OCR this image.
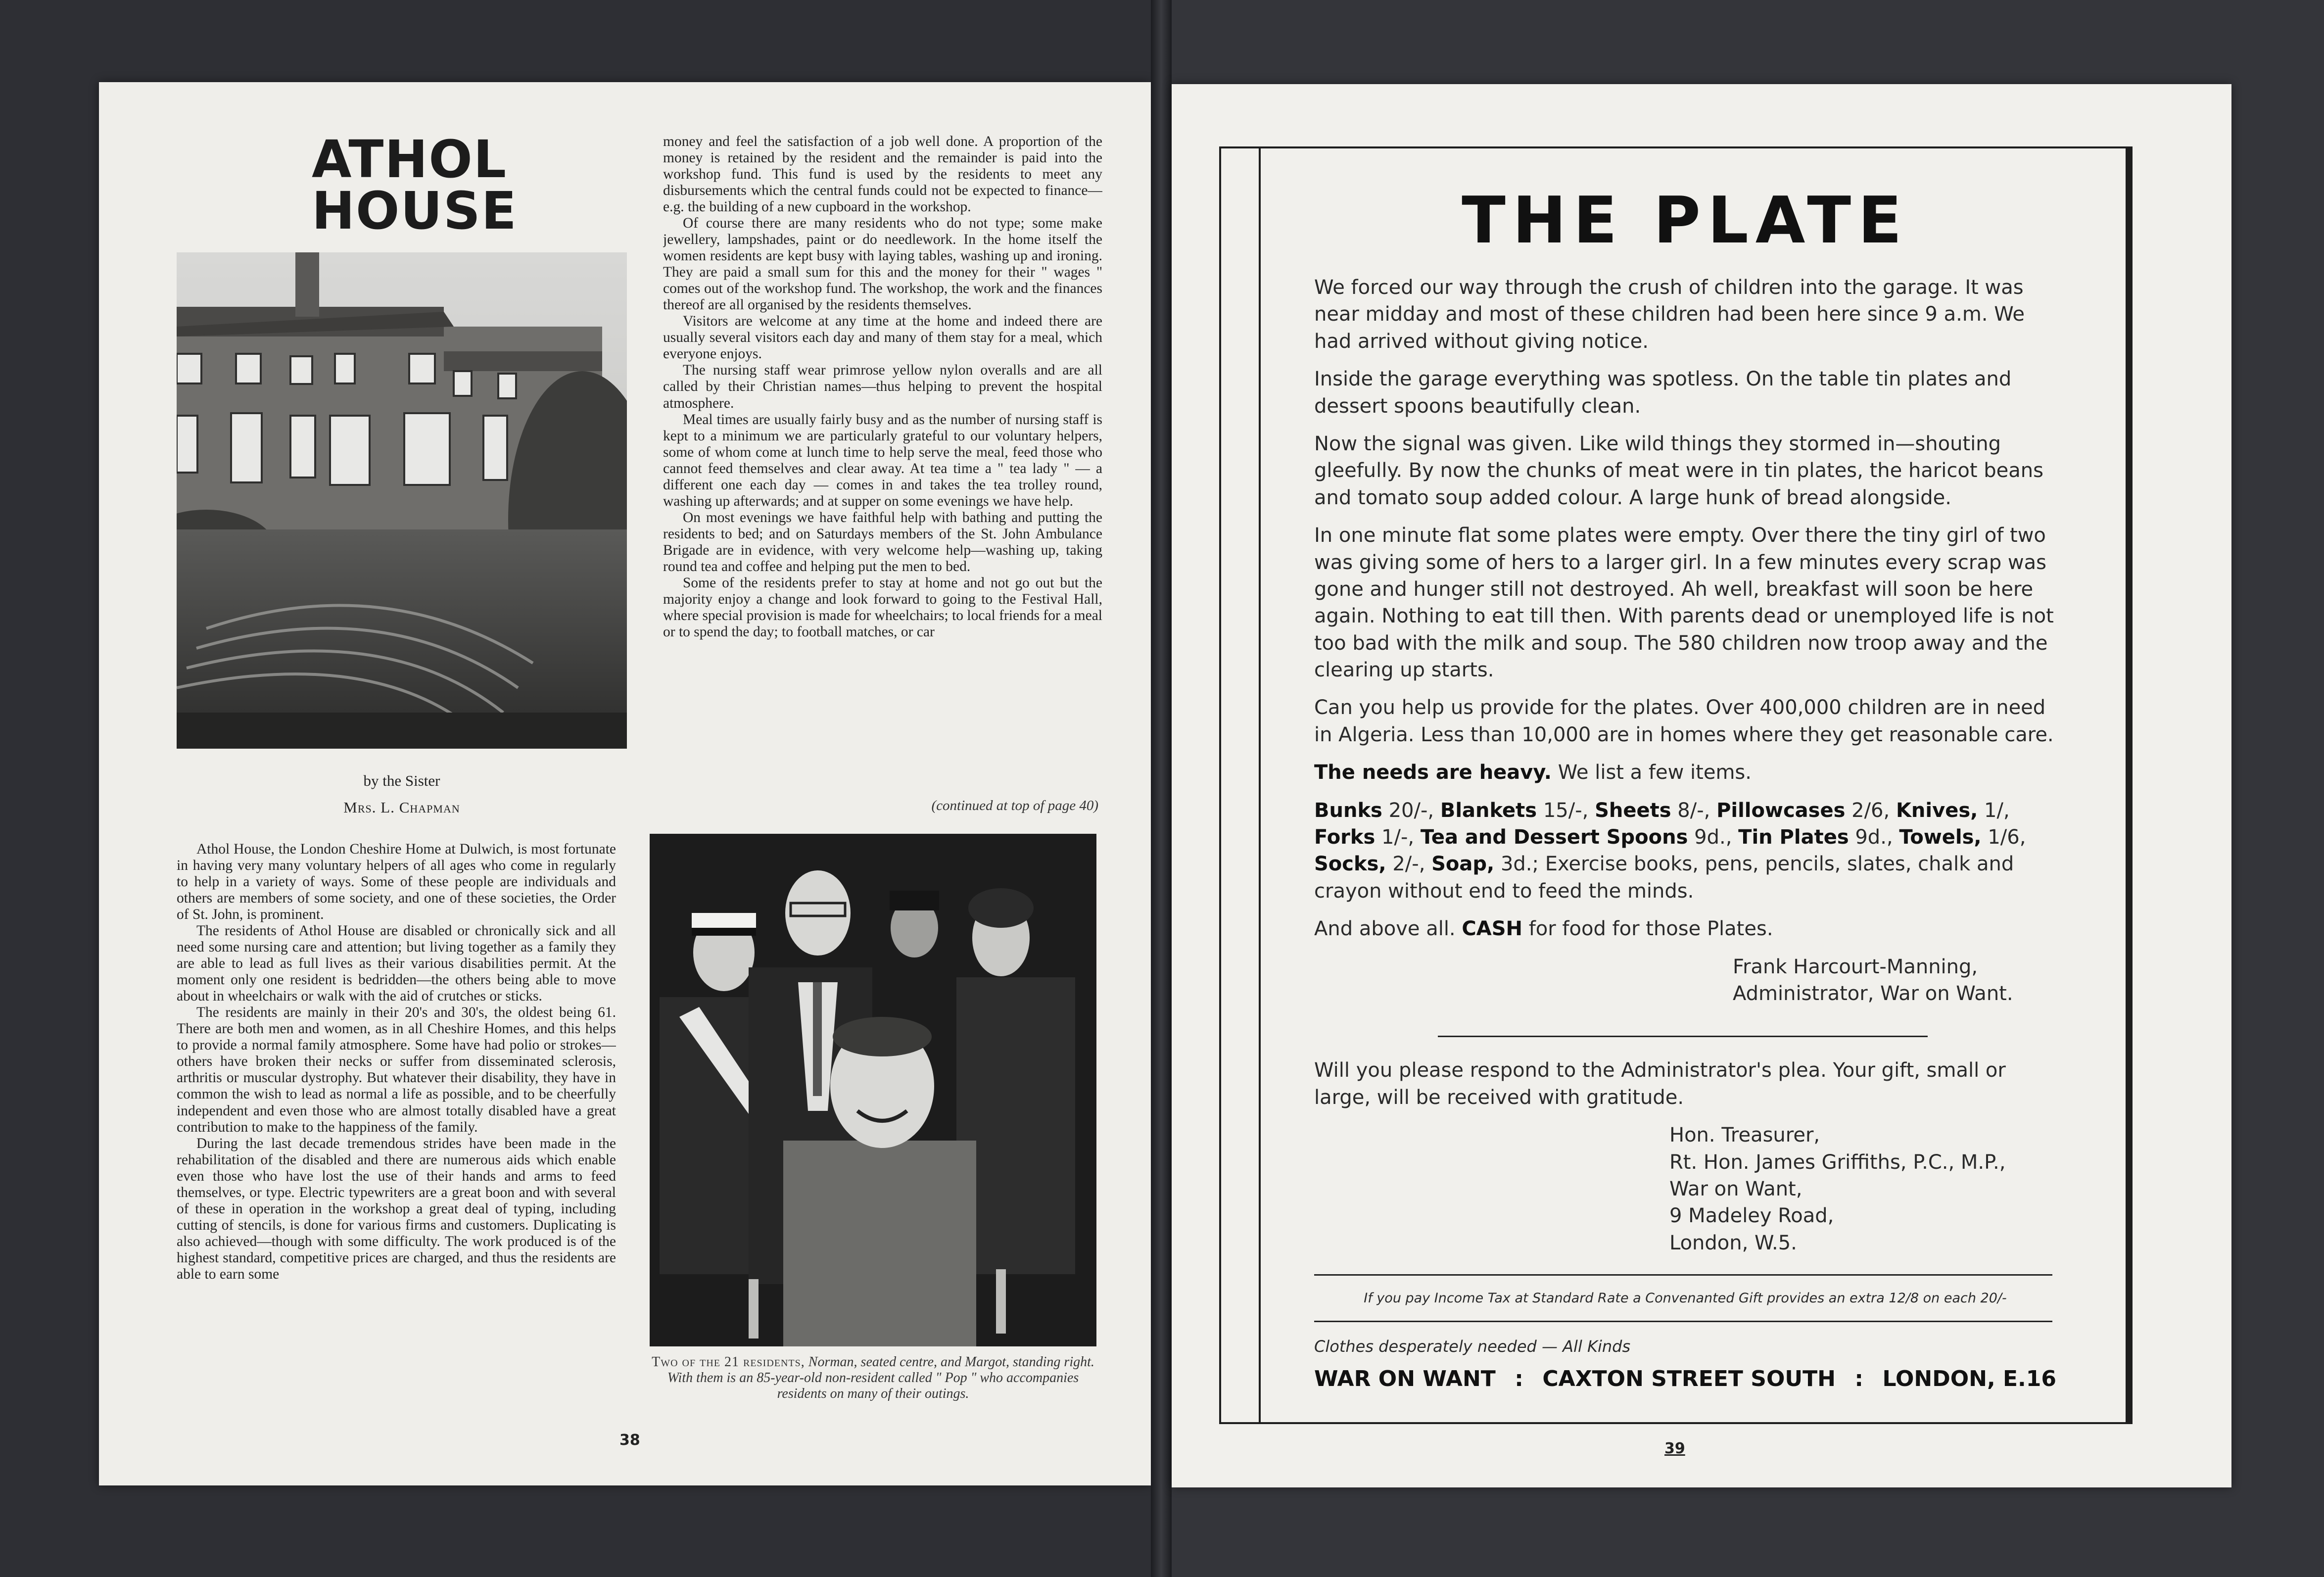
ATHOL
HOUSE
by the Sister
Mrs. L. Chapman

Athol House, the London Cheshire Home at Dulwich, is most fortunate in having very many voluntary helpers of all ages who come in regularly to help in a variety of ways. Some of these people are individuals and others are members of some society, and one of these societies, the Order of St. John, is prominent.

The residents of Athol House are disabled or chronically sick and all need some nursing care and attention; but living together as a family they are able to lead as full lives as their various disabilities permit. At the moment only one resident is bedridden—the others being able to move about in wheelchairs or walk with the aid of crutches or sticks.

The residents are mainly in their 20's and 30's, the oldest being 61. There are both men and women, as in all Cheshire Homes, and this helps to provide a normal family atmosphere. Some have had polio or strokes—others have broken their necks or suffer from disseminated sclerosis, arthritis or muscular dystrophy. But whatever their disability, they have in common the wish to lead as normal a life as possible, and to be cheerfully independent and even those who are almost totally disabled have a great contribution to make to the happiness of the family.

During the last decade tremendous strides have been made in the rehabilitation of the disabled and there are numerous aids which enable even those who have lost the use of their hands and arms to feed themselves, or type. Electric typewriters are a great boon and with several of these in operation in the workshop a great deal of typing, including cutting of stencils, is done for various firms and customers. Duplicating is also achieved—though with some difficulty. The work produced is of the highest standard, competitive prices are charged, and thus the residents are able to earn some

money and feel the satisfaction of a job well done. A proportion of the money is retained by the resident and the remainder is paid into the workshop fund. This fund is used by the residents to meet any disbursements which the central funds could not be expected to finance—e.g. the building of a new cupboard in the workshop.

Of course there are many residents who do not type; some make jewellery, lampshades, paint or do needlework. In the home itself the women residents are kept busy with laying tables, washing up and ironing. They are paid a small sum for this and the money for their " wages " comes out of the workshop fund. The workshop, the work and the finances thereof are all organised by the residents themselves.

Visitors are welcome at any time at the home and indeed there are usually several visitors each day and many of them stay for a meal, which everyone enjoys.

The nursing staff wear primrose yellow nylon overalls and are all called by their Christian names—thus helping to prevent the hospital atmosphere.

Meal times are usually fairly busy and as the number of nursing staff is kept to a minimum we are particularly grateful to our voluntary helpers, some of whom come at lunch time to help serve the meal, feed those who cannot feed themselves and clear away. At tea time a " tea lady " — a different one each day — comes in and takes the tea trolley round, washing up afterwards; and at supper on some evenings we have help.

On most evenings we have faithful help with bathing and putting the residents to bed; and on Saturdays members of the St. John Ambulance Brigade are in evidence, with very welcome help—washing up, taking round tea and coffee and helping put the men to bed.

Some of the residents prefer to stay at home and not go out but the majority enjoy a change and look forward to going to the Festival Hall, where special provision is made for wheelchairs; to local friends for a meal or to spend the day; to football matches, or car

(continued at top of page 40)
Two of the 21 residents, Norman, seated centre, and Margot, standing right. With them is an 85-year-old non-resident called " Pop " who accompanies residents on many of their outings.
38
THE PLATE

We forced our way through the crush of children into the garage. It was near midday and most of these children had been here since 9 a.m. We had arrived without giving notice.

Inside the garage everything was spotless. On the table tin plates and dessert spoons beautifully clean.

Now the signal was given. Like wild things they stormed in—shouting gleefully. By now the chunks of meat were in tin plates, the haricot beans and tomato soup added colour. A large hunk of bread alongside.

In one minute flat some plates were empty. Over there the tiny girl of two was giving some of hers to a larger girl. In a few minutes every scrap was gone and hunger still not destroyed. Ah well, breakfast will soon be here again. Nothing to eat till then. With parents dead or unemployed life is not too bad with the milk and soup. The 580 children now troop away and the clearing up starts.

Can you help us provide for the plates. Over 400,000 children are in need in Algeria. Less than 10,000 are in homes where they get reasonable care.

The needs are heavy. We list a few items.

Bunks 20/-, Blankets 15/-, Sheets 8/-, Pillowcases 2/6, Knives, 1/, Forks 1/-, Tea and Dessert Spoons 9d., Tin Plates 9d., Towels, 1/6, Socks, 2/-, Soap, 3d.; Exercise books, pens, pencils, slates, chalk and crayon without end to feed the minds.

And above all. CASH for food for those Plates.

Frank Harcourt-Manning,
Administrator, War on Want.

Will you please respond to the Administrator's plea. Your gift, small or large, will be received with gratitude.

Hon. Treasurer,
Rt. Hon. James Griffiths, P.C., M.P.,
War on Want,
9 Madeley Road,
London, W.5.
If you pay Income Tax at Standard Rate a Convenanted Gift provides an extra 12/8 on each 20/-
Clothes desperately needed — All Kinds
WAR ON WANT : CAXTON STREET SOUTH : LONDON, E.16
39
